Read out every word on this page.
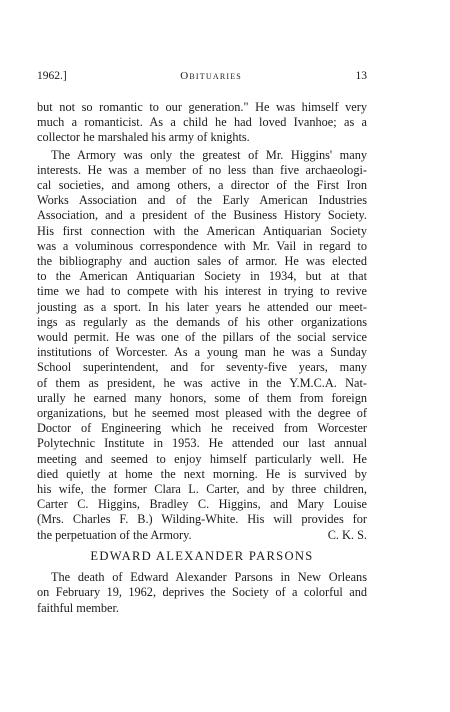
1962.]	Obituaries	13
but not so romantic to our generation." He was himself very
much a romanticist. As a child he had loved Ivanhoe; as a
collector he marshaled his army of knights.
The Armory was only the greatest of Mr. Higgins' many
interests. He was a member of no less than five archaeologi-
cal societies, and among others, a director of the First Iron
Works Association and of the Early American Industries
Association, and a president of the Business History Society.
His first connection with the American Antiquarian Society
was a voluminous correspondence with Mr. Vail in regard to
the bibliography and auction sales of armor. He was elected
to the American Antiquarian Society in 1934, but at that
time we had to compete with his interest in trying to revive
jousting as a sport. In his later years he attended our meet-
ings as regularly as the demands of his other organizations
would permit. He was one of the pillars of the social service
institutions of Worcester. As a young man he was a Sunday
School superintendent, and for seventy-five years, many
of them as president, he was active in the Y.M.C.A. Nat-
urally he earned many honors, some of them from foreign
organizations, but he seemed most pleased with the degree of
Doctor of Engineering which he received from Worcester
Polytechnic Institute in 1953. He attended our last annual
meeting and seemed to enjoy himself particularly well. He
died quietly at home the next morning. He is survived by
his wife, the former Clara L. Carter, and by three children,
Carter C. Higgins, Bradley C. Higgins, and Mary Louise
(Mrs. Charles F. B.) Wilding-White. His will provides for
the perpetuation of the Armory.	C. K. S.
EDWARD ALEXANDER PARSONS
The death of Edward Alexander Parsons in New Orleans
on February 19, 1962, deprives the Society of a colorful and
faithful member.
